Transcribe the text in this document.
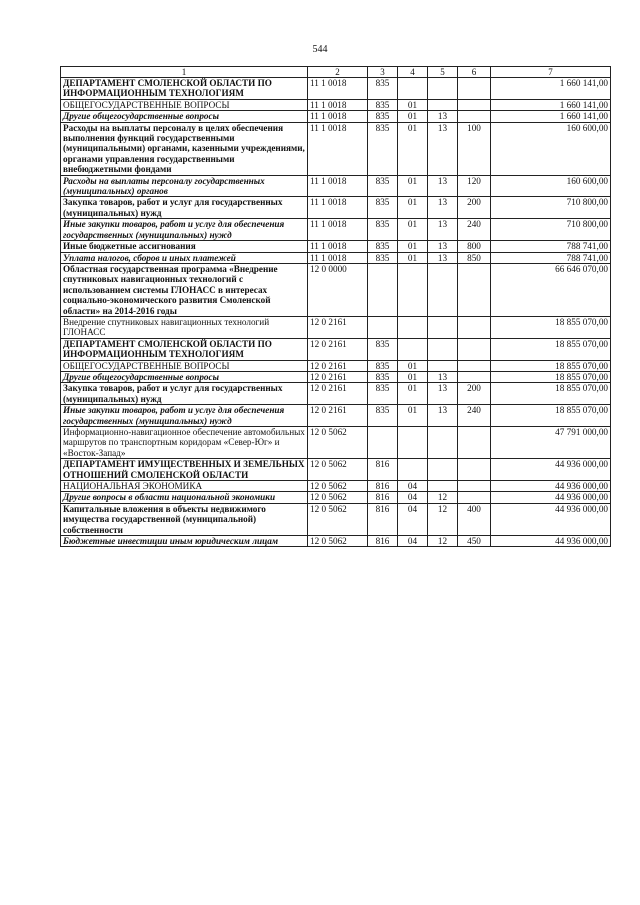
544
1	2	3	4	5	6	7
ДЕПАРТАМЕНТ СМОЛЕНСКОЙ ОБЛАСТИ ПО ИНФОРМАЦИОННЫМ ТЕХНОЛОГИЯМ	11 1 0018	835				1 660 141,00
ОБЩЕГОСУДАРСТВЕННЫЕ ВОПРОСЫ	11 1 0018	835	01			1 660 141,00
Другие общегосударственные вопросы	11 1 0018	835	01	13		1 660 141,00
Расходы на выплаты персоналу в целях обеспечения выполнения функций государственными (муниципальными) органами, казенными учреждениями, органами управления государственными внебюджетными фондами	11 1 0018	835	01	13	100	160 600,00
Расходы на выплаты персоналу государственных (муниципальных) органов	11 1 0018	835	01	13	120	160 600,00
Закупка товаров, работ и услуг для государственных (муниципальных) нужд	11 1 0018	835	01	13	200	710 800,00
Иные закупки товаров, работ и услуг для обеспечения государственных (муниципальных) нужд	11 1 0018	835	01	13	240	710 800,00
Иные бюджетные ассигнования	11 1 0018	835	01	13	800	788 741,00
Уплата налогов, сборов и иных платежей	11 1 0018	835	01	13	850	788 741,00
Областная государственная программа «Внедрение спутниковых навигационных технологий с использованием системы ГЛОНАСС в интересах социально-экономического развития Смоленской области» на 2014-2016 годы	12 0 0000					66 646 070,00
Внедрение спутниковых навигационных технологий ГЛОНАСС	12 0 2161					18 855 070,00
ДЕПАРТАМЕНТ СМОЛЕНСКОЙ ОБЛАСТИ ПО ИНФОРМАЦИОННЫМ ТЕХНОЛОГИЯМ	12 0 2161	835				18 855 070,00
ОБЩЕГОСУДАРСТВЕННЫЕ ВОПРОСЫ	12 0 2161	835	01			18 855 070,00
Другие общегосударственные вопросы	12 0 2161	835	01	13		18 855 070,00
Закупка товаров, работ и услуг для государственных (муниципальных) нужд	12 0 2161	835	01	13	200	18 855 070,00
Иные закупки товаров, работ и услуг для обеспечения государственных (муниципальных) нужд	12 0 2161	835	01	13	240	18 855 070,00
Информационно-навигационное обеспечение автомобильных маршрутов по транспортным коридорам «Север-Юг» и «Восток-Запад»	12 0 5062					47 791 000,00
ДЕПАРТАМЕНТ ИМУЩЕСТВЕННЫХ И ЗЕМЕЛЬНЫХ ОТНОШЕНИЙ СМОЛЕНСКОЙ ОБЛАСТИ	12 0 5062	816				44 936 000,00
НАЦИОНАЛЬНАЯ ЭКОНОМИКА	12 0 5062	816	04			44 936 000,00
Другие вопросы в области национальной экономики	12 0 5062	816	04	12		44 936 000,00
Капитальные вложения в объекты недвижимого имущества государственной (муниципальной) собственности	12 0 5062	816	04	12	400	44 936 000,00
Бюджетные инвестиции иным юридическим лицам	12 0 5062	816	04	12	450	44 936 000,00
